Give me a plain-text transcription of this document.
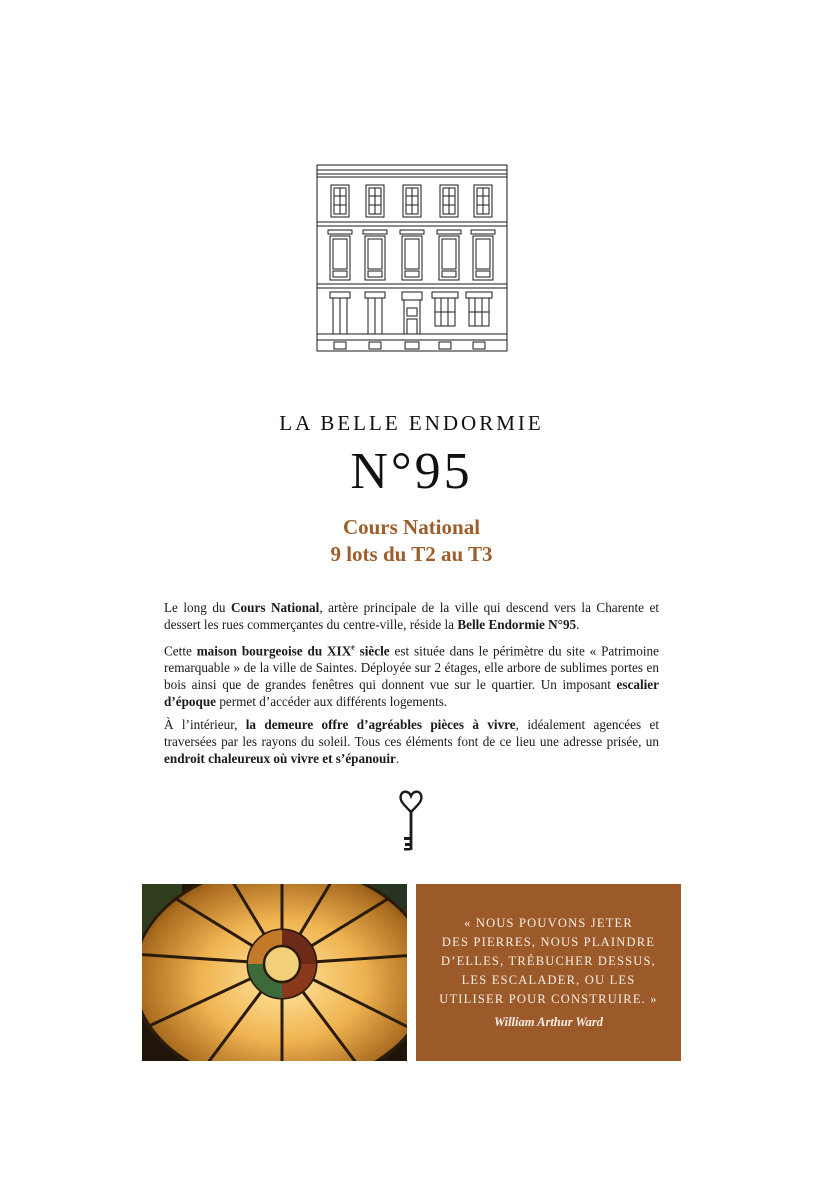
LA BELLE ENDORMIE
N°95
Cours National
9 lots du T2 au T3

Le long du Cours National, artère principale de la ville qui descend vers la Charente et dessert les rues commerçantes du centre-ville, réside la Belle Endormie N°95.

Cette maison bourgeoise du XIXe siècle est située dans le périmètre du site « Patrimoine remarquable » de la ville de Saintes. Déployée sur 2 étages, elle arbore de sublimes portes en bois ainsi que de grandes fenêtres qui donnent vue sur le quartier. Un imposant escalier d’époque permet d’accéder aux différents logements.

À l’intérieur, la demeure offre d’agréables pièces à vivre, idéalement agencées et traversées par les rayons du soleil. Tous ces éléments font de ce lieu une adresse prisée, un endroit chaleureux où vivre et s’épanouir.

« NOUS POUVONS JETER
DES PIERRES, NOUS PLAINDRE
D’ELLES, TRÉBUCHER DESSUS,
LES ESCALADER, OU LES
UTILISER POUR CONSTRUIRE. »
William Arthur Ward
